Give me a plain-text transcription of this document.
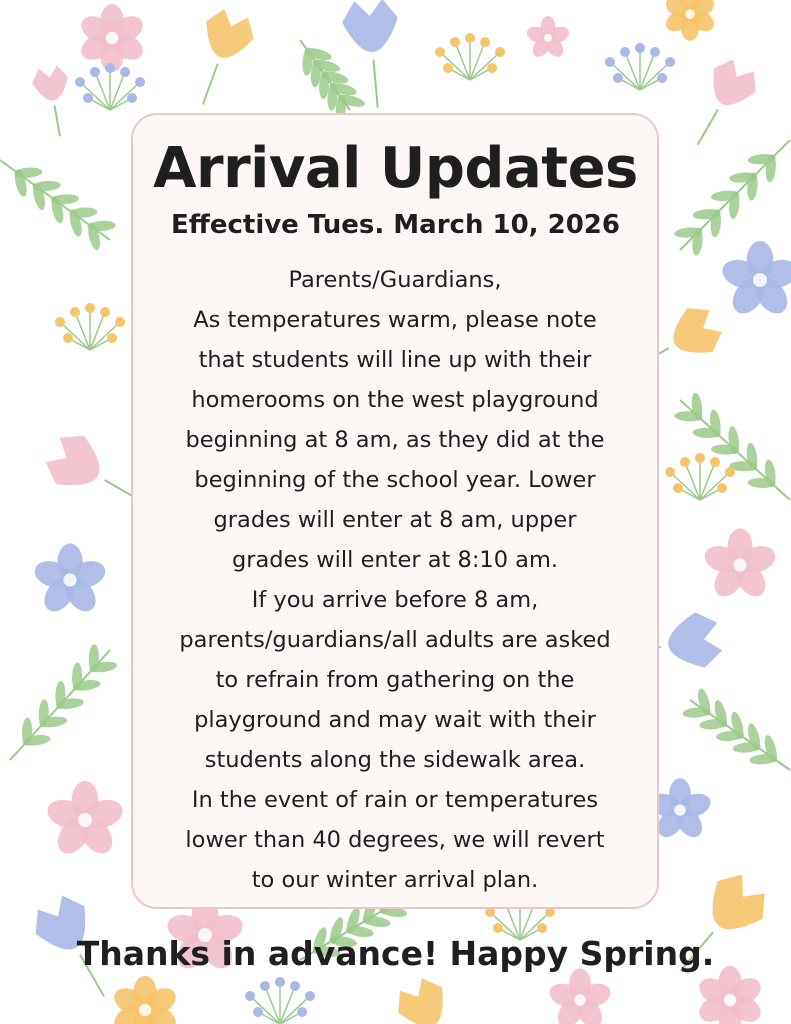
Arrival Updates
Effective Tues. March 10, 2026
Parents/Guardians,
As temperatures warm, please note
that students will line up with their
homerooms on the west playground
beginning at 8 am, as they did at the
beginning of the school year. Lower
grades will enter at 8 am, upper
grades will enter at 8:10 am.
If you arrive before 8 am,
parents/guardians/all adults are asked
to refrain from gathering on the
playground and may wait with their
students along the sidewalk area.
In the event of rain or temperatures
lower than 40 degrees, we will revert
to our winter arrival plan.
Thanks in advance! Happy Spring.
